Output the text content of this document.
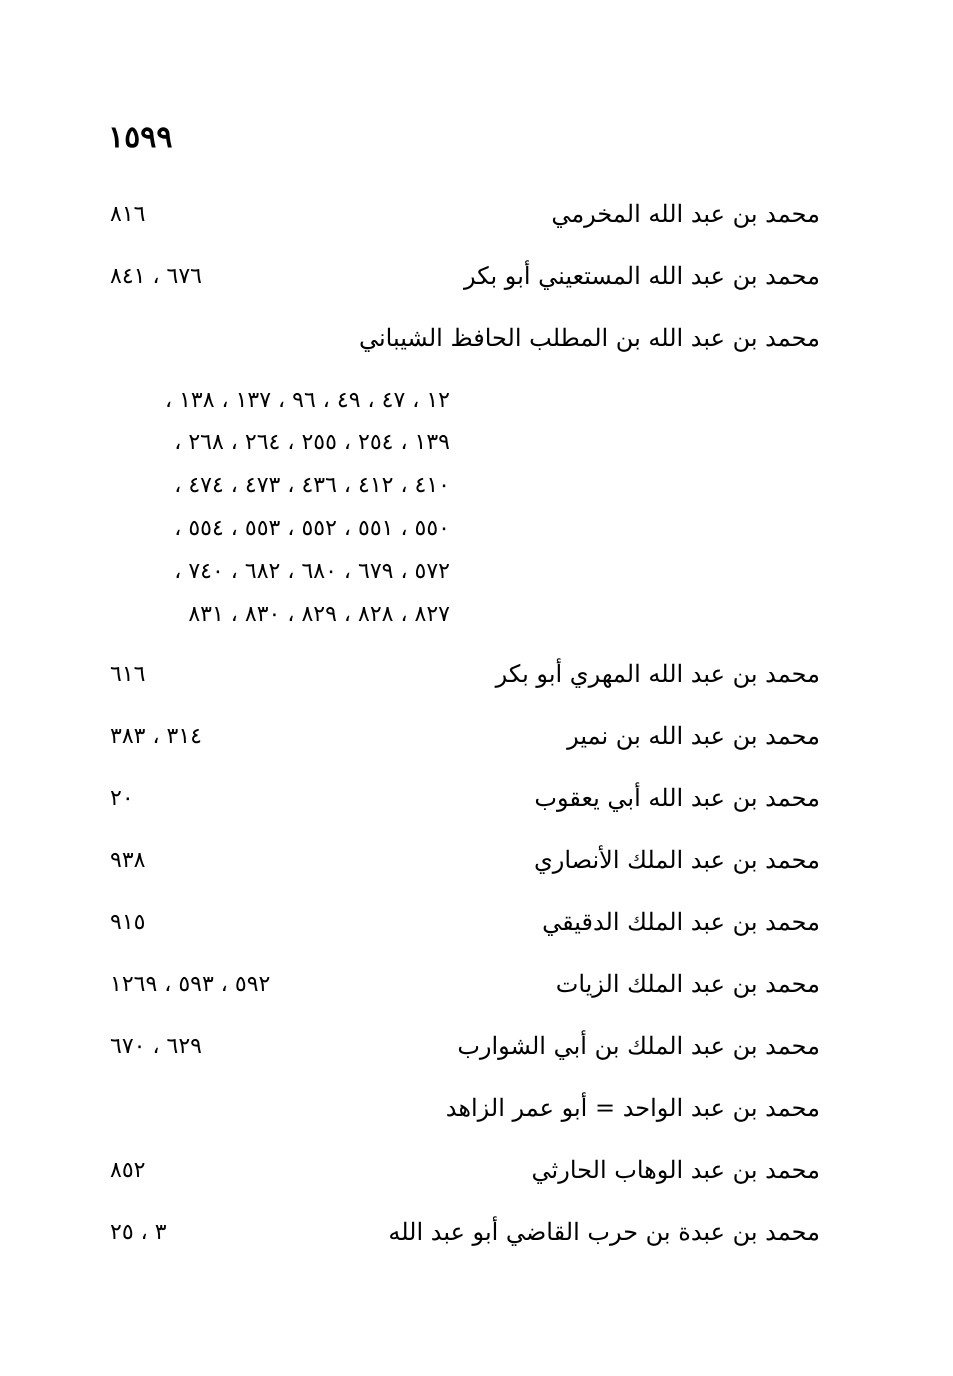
١٥٩٩
محمد بن عبد الله المخرمي
٨١٦
محمد بن عبد الله المستعيني أبو بكر
٦٧٦ ، ٨٤١
محمد بن عبد الله بن المطلب الحافظ الشيباني
١٢ ، ٤٧ ، ٤٩ ، ٩٦ ، ١٣٧ ، ١٣٨ ،
١٣٩ ، ٢٥٤ ، ٢٥٥ ، ٢٦٤ ، ٢٦٨ ،
٤١٠ ، ٤١٢ ، ٤٣٦ ، ٤٧٣ ، ٤٧٤ ،
٥٥٠ ، ٥٥١ ، ٥٥٢ ، ٥٥٣ ، ٥٥٤ ،
٥٧٢ ، ٦٧٩ ، ٦٨٠ ، ٦٨٢ ، ٧٤٠ ،
٨٢٧ ، ٨٢٨ ، ٨٢٩ ، ٨٣٠ ، ٨٣١
محمد بن عبد الله المهري أبو بكر
٦١٦
محمد بن عبد الله بن نمير
٣١٤ ، ٣٨٣
محمد بن عبد الله أبي يعقوب
٢٠
محمد بن عبد الملك الأنصاري
٩٣٨
محمد بن عبد الملك الدقيقي
٩١٥
محمد بن عبد الملك الزيات
٥٩٢ ، ٥٩٣ ، ١٢٦٩
محمد بن عبد الملك بن أبي الشوارب
٦٢٩ ، ٦٧٠
محمد بن عبد الواحد = أبو عمر الزاهد
محمد بن عبد الوهاب الحارثي
٨٥٢
محمد بن عبدة بن حرب القاضي أبو عبد الله
٣ ، ٢٥
